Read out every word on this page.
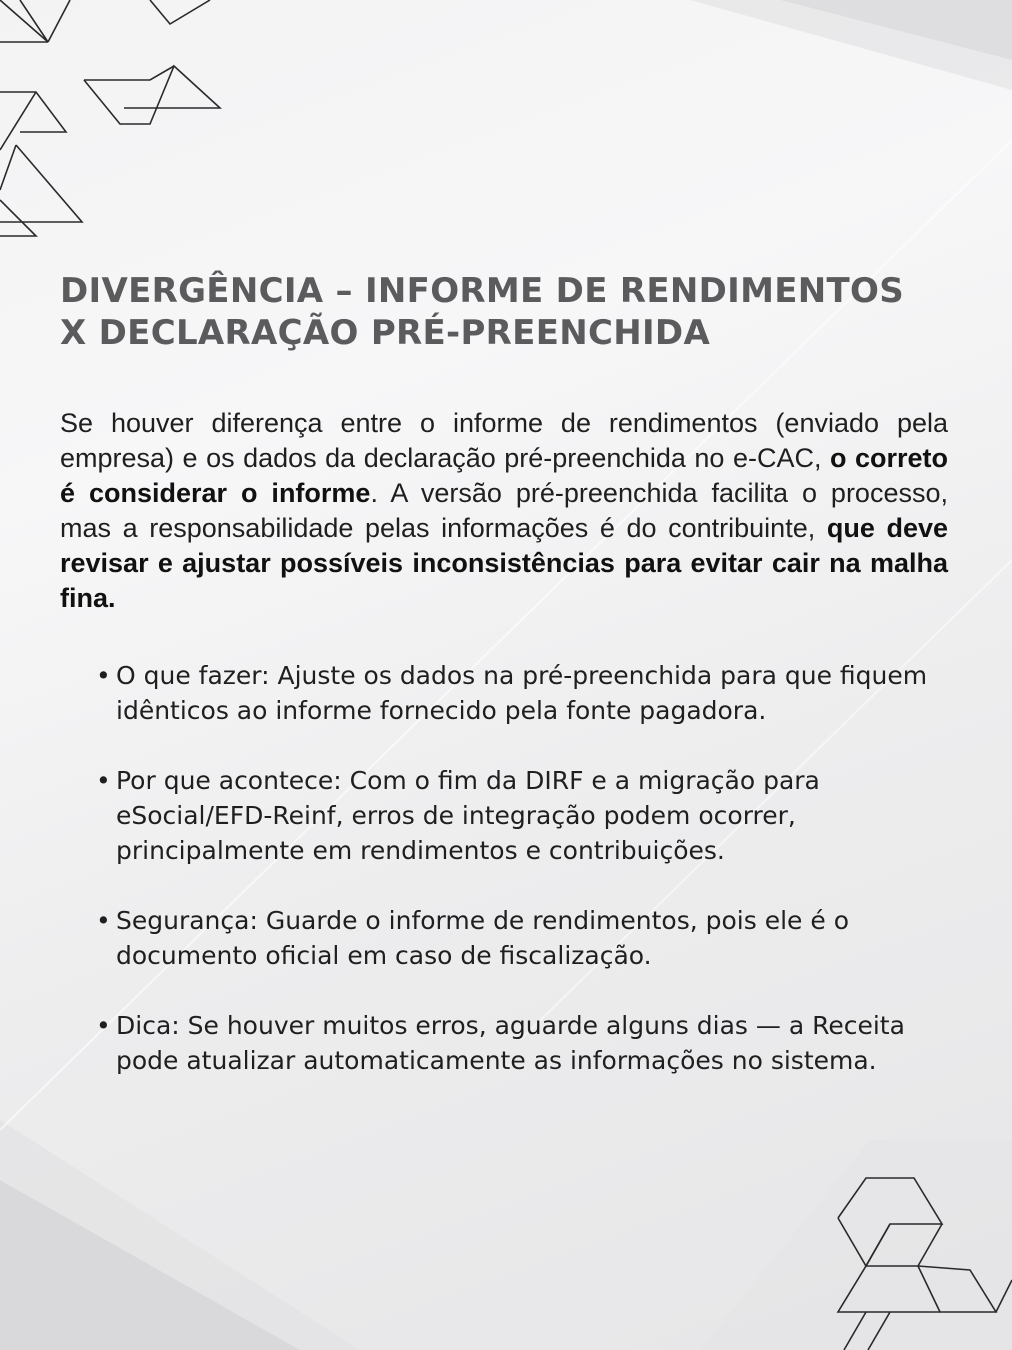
DIVERGÊNCIA – INFORME DE RENDIMENTOS
X DECLARAÇÃO PRÉ-PREENCHIDA

Se houver diferença entre o informe de rendimentos (enviado pela empresa) e os dados da declaração pré-preenchida no e-CAC, o correto é considerar o informe. A versão pré-preenchida facilita o processo, mas a responsabilidade pelas informações é do contribuinte, que deve revisar e ajustar possíveis inconsistências para evitar cair na malha fina.

• O que fazer: Ajuste os dados na pré-preenchida para que fiquem idênticos ao informe fornecido pela fonte pagadora.
• Por que acontece: Com o fim da DIRF e a migração para eSocial/EFD-Reinf, erros de integração podem ocorrer, principalmente em rendimentos e contribuições.
• Segurança: Guarde o informe de rendimentos, pois ele é o documento oficial em caso de fiscalização.
• Dica: Se houver muitos erros, aguarde alguns dias — a Receita pode atualizar automaticamente as informações no sistema.
